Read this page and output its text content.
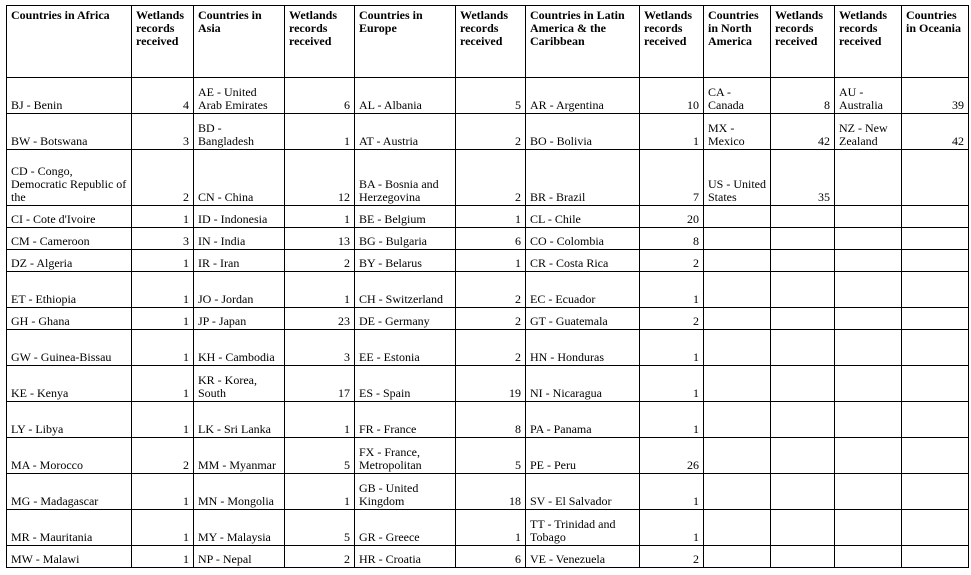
Countries in Africa	Wetlands records received	Countries in Asia	Wetlands records received	Countries in Europe	Wetlands records received	Countries in Latin America & the Caribbean	Wetlands records received	Countries in North America	Wetlands records received	Wetlands records received	Countries in Oceania
BJ - Benin	4	AE - United Arab Emirates	6	AL - Albania	5	AR - Argentina	10	CA - Canada	8	AU - Australia	39
BW - Botswana	3	BD - Bangladesh	1	AT - Austria	2	BO - Bolivia	1	MX - Mexico	42	NZ - New Zealand	42
CD - Congo, Democratic Republic of the	2	CN - China	12	BA - Bosnia and Herzegovina	2	BR - Brazil	7	US - United States	35		
CI - Cote d'Ivoire	1	ID - Indonesia	1	BE - Belgium	1	CL - Chile	20				
CM - Cameroon	3	IN - India	13	BG - Bulgaria	6	CO - Colombia	8				
DZ - Algeria	1	IR - Iran	2	BY - Belarus	1	CR - Costa Rica	2				
ET - Ethiopia	1	JO - Jordan	1	CH - Switzerland	2	EC - Ecuador	1				
GH - Ghana	1	JP - Japan	23	DE - Germany	2	GT - Guatemala	2				
GW - Guinea-Bissau	1	KH - Cambodia	3	EE - Estonia	2	HN - Honduras	1				
KE - Kenya	1	KR - Korea, South	17	ES - Spain	19	NI - Nicaragua	1				
LY - Libya	1	LK - Sri Lanka	1	FR - France	8	PA - Panama	1				
MA - Morocco	2	MM - Myanmar	5	FX - France, Metropolitan	5	PE - Peru	26				
MG - Madagascar	1	MN - Mongolia	1	GB - United Kingdom	18	SV - El Salvador	1				
MR - Mauritania	1	MY - Malaysia	5	GR - Greece	1	TT - Trinidad and Tobago	1				
MW - Malawi	1	NP - Nepal	2	HR - Croatia	6	VE - Venezuela	2				
